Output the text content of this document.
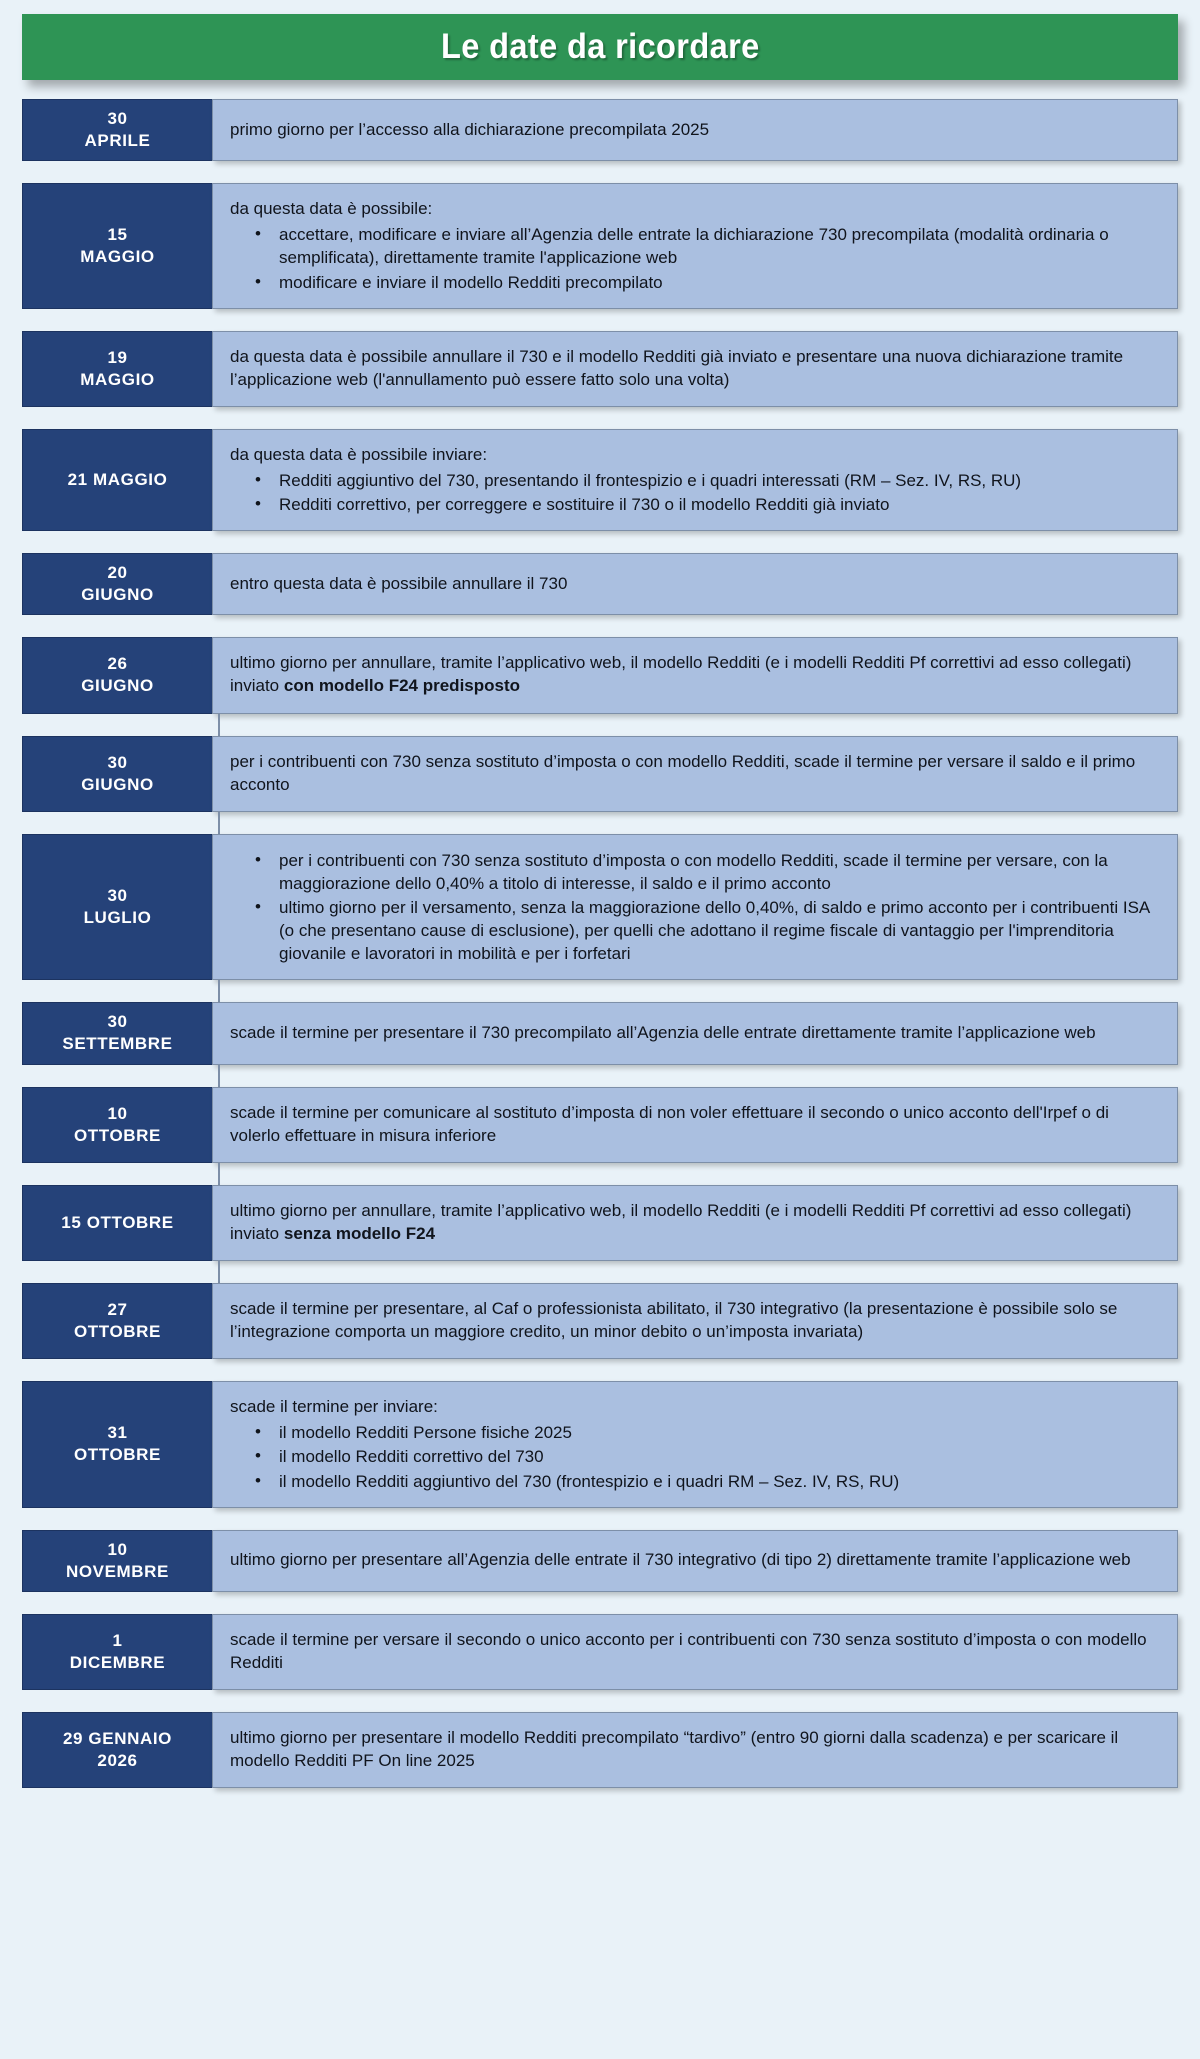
Le date da ricordare
30
APRILE

primo giorno per l’accesso alla dichiarazione precompilata 2025

15
MAGGIO

da questa data è possibile:

• accettare, modificare e inviare all’Agenzia delle entrate la dichiarazione 730 precompilata (modalità ordinaria o semplificata), direttamente tramite l'applicazione web
• modificare e inviare il modello Redditi precompilato
19
MAGGIO

da questa data è possibile annullare il 730 e il modello Redditi già inviato e presentare una nuova dichiarazione tramite l’applicazione web (l'annullamento può essere fatto solo una volta)

21 MAGGIO

da questa data è possibile inviare:

• Redditi aggiuntivo del 730, presentando il frontespizio e i quadri interessati (RM – Sez. IV, RS, RU)
• Redditi correttivo, per correggere e sostituire il 730 o il modello Redditi già inviato
20
GIUGNO

entro questa data è possibile annullare il 730

26
GIUGNO

ultimo giorno per annullare, tramite l’applicativo web, il modello Redditi (e i modelli Redditi Pf correttivi ad esso collegati) inviato con modello F24 predisposto

30
GIUGNO

per i contribuenti con 730 senza sostituto d’imposta o con modello Redditi, scade il termine per versare il saldo e il primo acconto

30
LUGLIO
• per i contribuenti con 730 senza sostituto d’imposta o con modello Redditi, scade il termine per versare, con la maggiorazione dello 0,40% a titolo di interesse, il saldo e il primo acconto
• ultimo giorno per il versamento, senza la maggiorazione dello 0,40%, di saldo e primo acconto per i contribuenti ISA (o che presentano cause di esclusione), per quelli che adottano il regime fiscale di vantaggio per l'imprenditoria giovanile e lavoratori in mobilità e per i forfetari
30
SETTEMBRE

scade il termine per presentare il 730 precompilato all’Agenzia delle entrate direttamente tramite l’applicazione web

10
OTTOBRE

scade il termine per comunicare al sostituto d’imposta di non voler effettuare il secondo o unico acconto dell'Irpef o di volerlo effettuare in misura inferiore

15 OTTOBRE

ultimo giorno per annullare, tramite l’applicativo web, il modello Redditi (e i modelli Redditi Pf correttivi ad esso collegati) inviato senza modello F24

27
OTTOBRE

scade il termine per presentare, al Caf o professionista abilitato, il 730 integrativo (la presentazione è possibile solo se l’integrazione comporta un maggiore credito, un minor debito o un’imposta invariata)

31
OTTOBRE

scade il termine per inviare:

• il modello Redditi Persone fisiche 2025
• il modello Redditi correttivo del 730
• il modello Redditi aggiuntivo del 730 (frontespizio e i quadri RM – Sez. IV, RS, RU)
10
NOVEMBRE

ultimo giorno per presentare all’Agenzia delle entrate il 730 integrativo (di tipo 2) direttamente tramite l’applicazione web

1
DICEMBRE

scade il termine per versare il secondo o unico acconto per i contribuenti con 730 senza sostituto d’imposta o con modello Redditi

29 GENNAIO
2026

ultimo giorno per presentare il modello Redditi precompilato “tardivo” (entro 90 giorni dalla scadenza) e per scaricare il modello Redditi PF On line 2025
